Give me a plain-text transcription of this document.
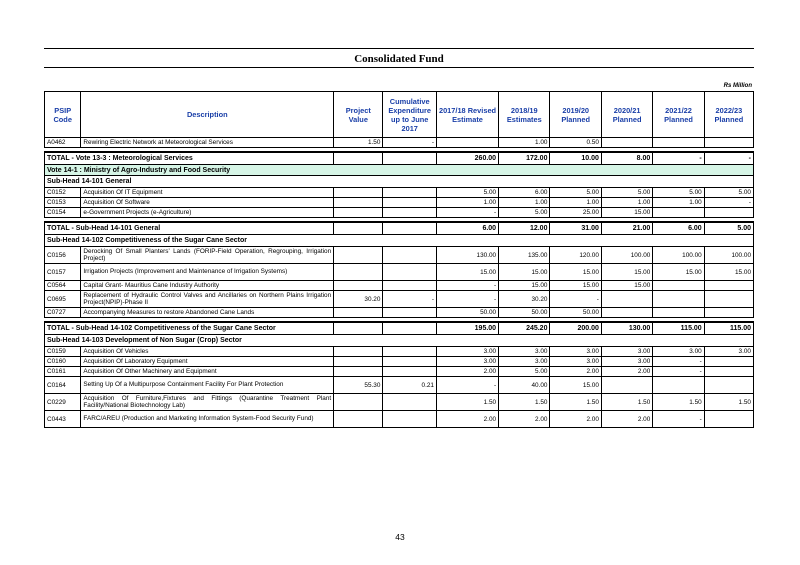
Consolidated Fund
Rs Million
PSIP Code	Description	Project Value	Cumulative Expenditure up to June 2017	2017/18 Revised Estimate	2018/19 Estimates	2019/20 Planned	2020/21 Planned	2021/22 Planned	2022/23 Planned
A0462	Rewiring Electric Network at Meteorological Services	1.50	-		1.00	0.50			

TOTAL - Vote 13-3 : Meteorological Services				260.00	172.00	10.00	8.00	-	-
Vote 14-1 : Ministry of Agro-Industry and Food Security									
Sub-Head 14-101 General									
C0152	Acquisition Of IT Equipment			5.00	6.00	5.00	5.00	5.00	5.00
C0153	Acquisition Of Software			1.00	1.00	1.00	1.00	1.00	-
C0154	e-Government Projects (e-Agriculture)			-	5.00	25.00	15.00		

TOTAL - Sub-Head 14-101 General				6.00	12.00	31.00	21.00	6.00	5.00
Sub-Head 14-102 Competitiveness of the Sugar Cane Sector									
C0156	Derocking Of Small Planters' Lands (FORIP-Field Operation, Regrouping, Irrigation Project)			130.00	135.00	120.00	100.00	100.00	100.00
C0157	Irrigation Projects (Improvement and Maintenance of Irrigation Systems)			15.00	15.00	15.00	15.00	15.00	15.00
C0564	Capital Grant- Mauritius Cane Industry Authority			-	15.00	15.00	15.00		
C0695	Replacement of Hydraulic Control Valves and Ancillaries on Northern Plains Irrigation Project(NPIP)-Phase II	30.20	-	-	30.20	-			
C0727	Accompanying Measures to restore Abandoned Cane Lands			50.00	50.00	50.00			

TOTAL - Sub-Head 14-102 Competitiveness of the Sugar Cane Sector				195.00	245.20	200.00	130.00	115.00	115.00
Sub-Head 14-103 Development of Non Sugar (Crop) Sector									
C0159	Acquisition Of Vehicles			3.00	3.00	3.00	3.00	3.00	3.00
C0160	Acquisition Of Laboratory Equipment			3.00	3.00	3.00	3.00	-	
C0161	Acquisition Of Other Machinery and Equipment			2.00	5.00	2.00	2.00	-	
C0164	Setting Up Of a Multipurpose Containment Facility For Plant Protection	55.30	0.21	-	40.00	15.00			
C0229	Acquisition Of Furniture,Fixtures and Fittings (Quarantine Treatment Plant Facility/National Biotechnology Lab)			1.50	1.50	1.50	1.50	1.50	1.50
C0443	FARC/AREU (Production and Marketing Information System-Food Security Fund)			2.00	2.00	2.00	2.00	-	
43
